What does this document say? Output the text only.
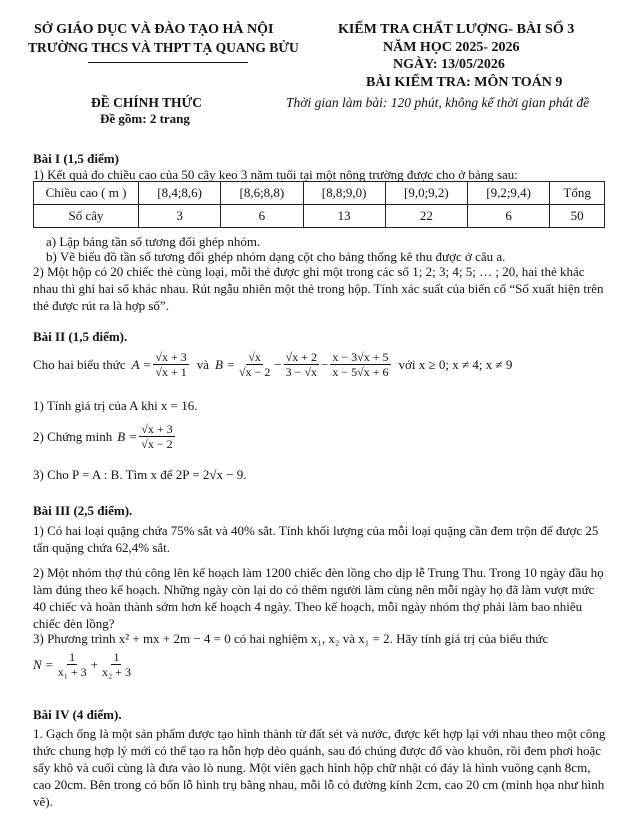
SỞ GIÁO DỤC VÀ ĐÀO TẠO HÀ NỘI
TRƯỜNG THCS VÀ THPT TẠ QUANG BỬU
KIỂM TRA CHẤT LƯỢNG- BÀI SỐ 3
NĂM HỌC 2025- 2026
NGÀY: 13/05/2026
BÀI KIỂM TRA: MÔN TOÁN 9
ĐỀ CHÍNH THỨC
Đề gồm: 2 trang
Thời gian làm bài: 120 phút, không kể thời gian phát đề
Bài I (1,5 điểm)
1) Kết quả đo chiều cao của 50 cây keo 3 năm tuổi tại một nông trường được cho ở bảng sau:
Chiều cao ( m )	[8,4;8,6)	[8,6;8,8)	[8,8;9,0)	[9,0;9,2)	[9,2;9,4)	Tổng
Số cây	3	6	13	22	6	50
a) Lập bảng tần số tương đối ghép nhóm.
b) Vẽ biểu đồ tần số tương đối ghép nhóm dạng cột cho bảng thống kê thu được ở câu a.
2) Một hộp có 20 chiếc thẻ cùng loại, mỗi thẻ được ghi một trong các số 1; 2; 3; 4; 5; … ; 20, hai thẻ khác nhau thì ghi hai số khác nhau. Rút ngẫu nhiên một thẻ trong hộp. Tính xác suất của biến cố “Số xuất hiện trên thẻ được rút ra là hợp số”.
Bài II (1,5 điểm).
Cho hai biểu thức $A = \frac{√x + 3}{√x + 1}$ và $B = \frac{√x}{√x - 2} - \frac{√x + 2}{3 - √x} - \frac{x - 3√x + 5}{x - 5√x + 6}$ với x ≥ 0; x ≠ 4; x ≠ 9
1) Tính giá trị của A khi x = 16.
2) Chứng minh $B = \frac{√x + 3}{√x - 2}$
3) Cho P = A : B. Tìm x để 2P = 2√x − 9.
Bài III (2,5 điểm).
1) Có hai loại quặng chứa 75% sắt và 40% sắt. Tính khối lượng của mỗi loại quặng cần đem trộn để được 25 tấn quặng chứa 62,4% sắt.
2) Một nhóm thợ thủ công lên kế hoạch làm 1200 chiếc đèn lồng cho dịp lễ Trung Thu. Trong 10 ngày đầu họ làm đúng theo kế hoạch. Những ngày còn lại do có thêm người làm cùng nên mỗi ngày họ đã làm vượt mức 40 chiếc và hoàn thành sớm hơn kế hoạch 4 ngày. Theo kế hoạch, mỗi ngày nhóm thợ phải làm bao nhiêu chiếc đèn lồng?
3) Phương trình x² + mx + 2m − 4 = 0 có hai nghiệm x₁, x₂ và x₁ = 2. Hãy tính giá trị của biểu thức
$N = \frac{1}{\text{x₁ + 3}} + \frac{1}{\text{x₂ + 3}}$
Bài IV (4 điểm).
1. Gạch ống là một sản phẩm được tạo hình thành từ đất sét và nước, được kết hợp lại với nhau theo một công thức chung hợp lý mới có thể tạo ra hỗn hợp dẻo quánh, sau đó chúng được đổ vào khuôn, rồi đem phơi hoặc sấy khô và cuối cùng là đưa vào lò nung. Một viên gạch hình hộp chữ nhật có đáy là hình vuông cạnh 8cm, cao 20cm. Bên trong có bốn lỗ hình trụ bằng nhau, mỗi lỗ có đường kính 2cm, cao 20 cm (minh họa như hình vẽ).
